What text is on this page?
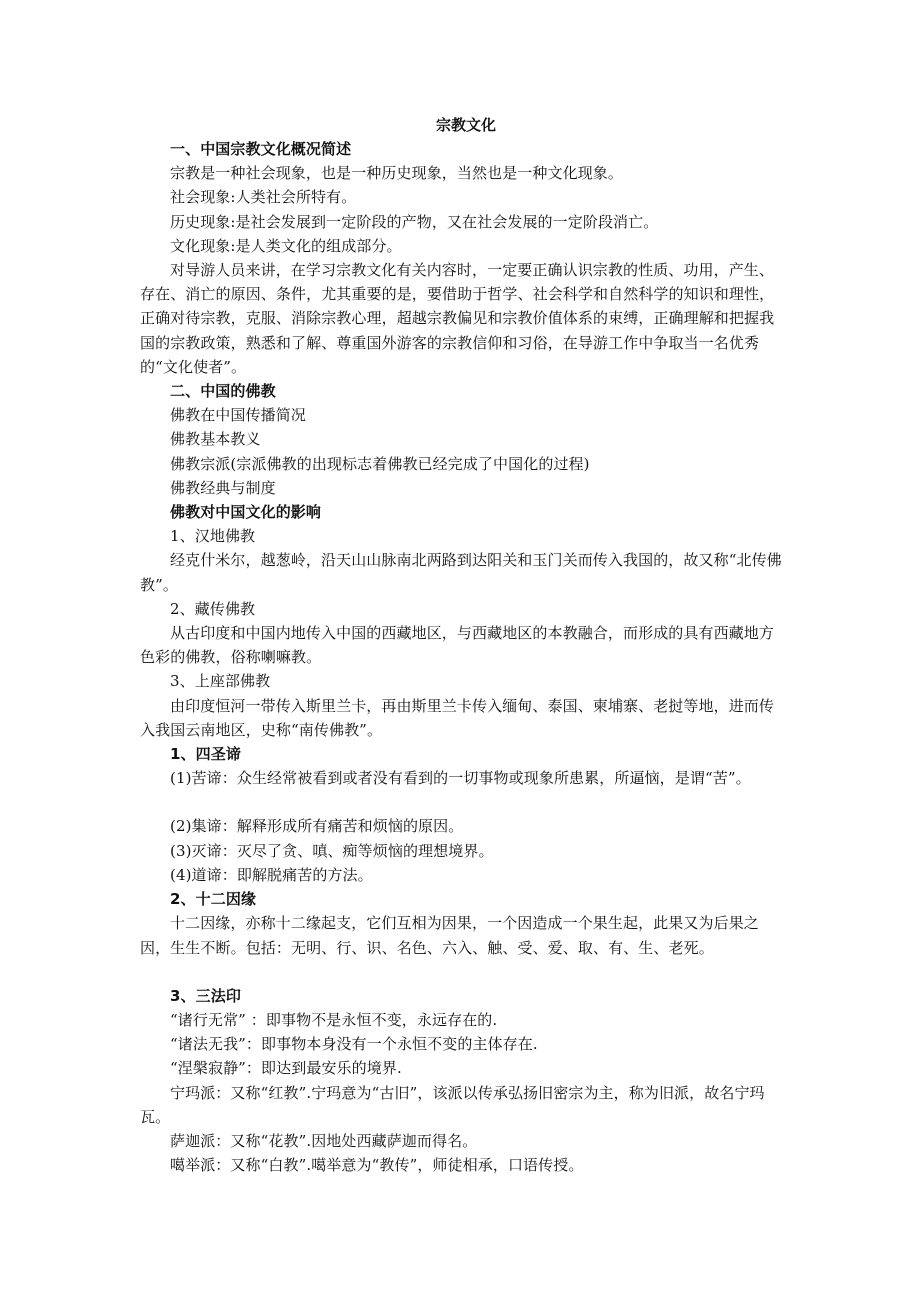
宗教文化

一、中国宗教文化概况简述

宗教是一种社会现象，也是一种历史现象，当然也是一种文化现象。

社会现象:人类社会所特有。

历史现象:是社会发展到一定阶段的产物，又在社会发展的一定阶段消亡。

文化现象:是人类文化的组成部分。

对导游人员来讲，在学习宗教文化有关内容时，一定要正确认识宗教的性质、功用，产生、存在、消亡的原因、条件，尤其重要的是，要借助于哲学、社会科学和自然科学的知识和理性，正确对待宗教，克服、消除宗教心理，超越宗教偏见和宗教价值体系的束缚，正确理解和把握我国的宗教政策，熟悉和了解、尊重国外游客的宗教信仰和习俗，在导游工作中争取当一名优秀的“文化使者”。

二、中国的佛教

佛教在中国传播简况

佛教基本教义

佛教宗派(宗派佛教的出现标志着佛教已经完成了中国化的过程)

佛教经典与制度

佛教对中国文化的影响

1、汉地佛教

经克什米尔，越葱岭，沿天山山脉南北两路到达阳关和玉门关而传入我国的，故又称“北传佛教”。

2、藏传佛教

从古印度和中国内地传入中国的西藏地区，与西藏地区的本教融合，而形成的具有西藏地方色彩的佛教，俗称喇嘛教。

3、上座部佛教

由印度恒河一带传入斯里兰卡，再由斯里兰卡传入缅甸、泰国、柬埔寨、老挝等地，进而传入我国云南地区，史称“南传佛教”。

1、四圣谛

(1)苦谛：众生经常被看到或者没有看到的一切事物或现象所患累，所逼恼，是谓“苦”。

(2)集谛：解释形成所有痛苦和烦恼的原因。

(3)灭谛：灭尽了贪、嗔、痴等烦恼的理想境界。

(4)道谛：即解脱痛苦的方法。

2、十二因缘

十二因缘，亦称十二缘起支，它们互相为因果，一个因造成一个果生起，此果又为后果之因，生生不断。包括：无明、行、识、名色、六入、触、受、爱、取、有、生、老死。

3、三法印

“诸行无常” ：即事物不是永恒不变，永远存在的.

“诸法无我”：即事物本身没有一个永恒不变的主体存在.

“涅槃寂静”：即达到最安乐的境界.

宁玛派：又称“红教”.宁玛意为“古旧”，该派以传承弘扬旧密宗为主，称为旧派，故名宁玛瓦。

萨迦派：又称“花教”.因地处西藏萨迦而得名。

噶举派：又称“白教”.噶举意为“教传”，师徒相承，口语传授。
